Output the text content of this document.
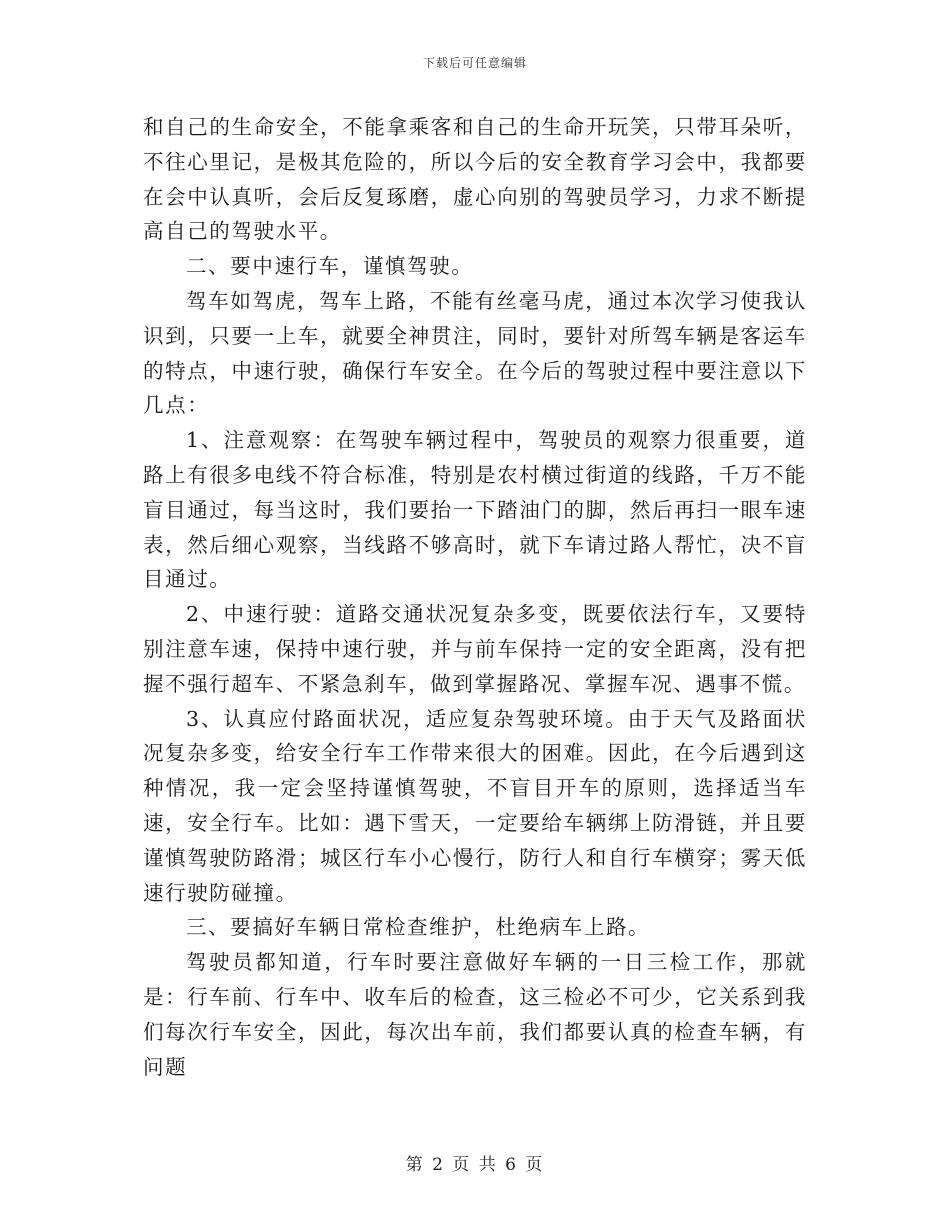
下载后可任意编辑

和自己的生命安全，不能拿乘客和自己的生命开玩笑，只带耳朵听，不往心里记，是极其危险的，所以今后的安全教育学习会中，我都要在会中认真听，会后反复琢磨，虚心向别的驾驶员学习，力求不断提高自己的驾驶水平。

二、要中速行车，谨慎驾驶。

驾车如驾虎，驾车上路，不能有丝毫马虎，通过本次学习使我认识到，只要一上车，就要全神贯注，同时，要针对所驾车辆是客运车的特点，中速行驶，确保行车安全。在今后的驾驶过程中要注意以下几点：

1、注意观察：在驾驶车辆过程中，驾驶员的观察力很重要，道路上有很多电线不符合标准，特别是农村横过街道的线路，千万不能盲目通过，每当这时，我们要抬一下踏油门的脚，然后再扫一眼车速表，然后细心观察，当线路不够高时，就下车请过路人帮忙，决不盲目通过。

2、中速行驶：道路交通状况复杂多变，既要依法行车，又要特别注意车速，保持中速行驶，并与前车保持一定的安全距离，没有把握不强行超车、不紧急刹车，做到掌握路况、掌握车况、遇事不慌。

3、认真应付路面状况，适应复杂驾驶环境。由于天气及路面状况复杂多变，给安全行车工作带来很大的困难。因此，在今后遇到这种情况，我一定会坚持谨慎驾驶，不盲目开车的原则，选择适当车速，安全行车。比如：遇下雪天，一定要给车辆绑上防滑链，并且要谨慎驾驶防路滑；城区行车小心慢行，防行人和自行车横穿；雾天低速行驶防碰撞。

三、要搞好车辆日常检查维护，杜绝病车上路。

驾驶员都知道，行车时要注意做好车辆的一日三检工作，那就是：行车前、行车中、收车后的检查，这三检必不可少，它关系到我们每次行车安全，因此，每次出车前，我们都要认真的检查车辆，有问题

第 2 页 共 6 页
